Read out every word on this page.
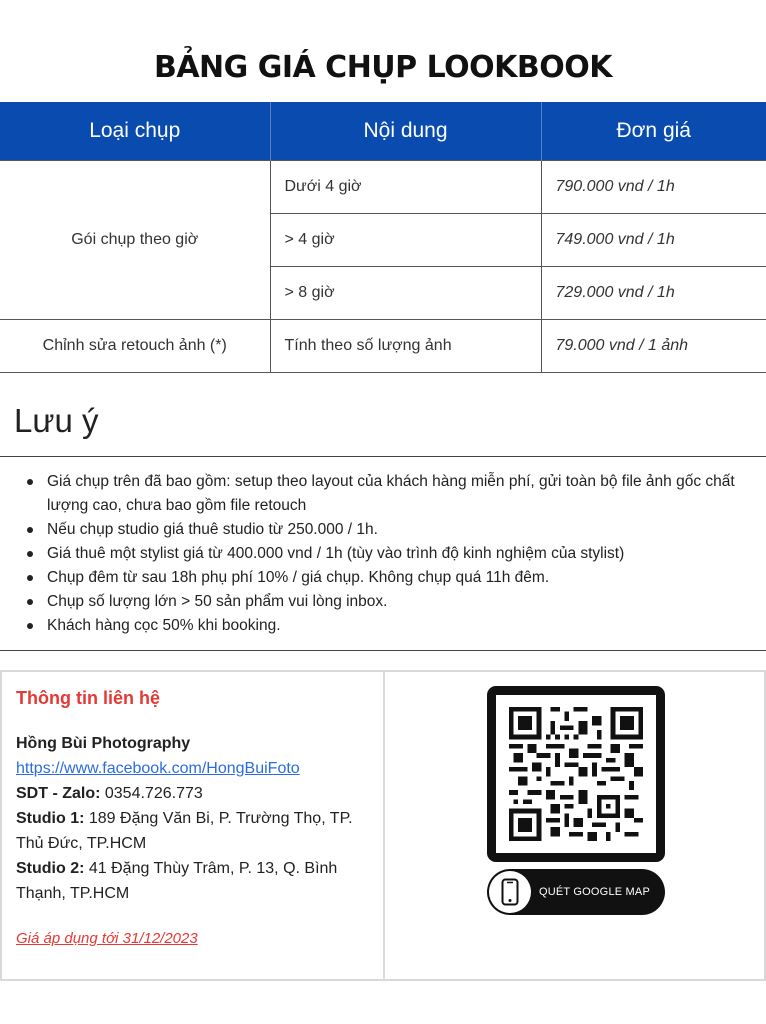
BẢNG GIÁ CHỤP LOOKBOOK
Loại chụp	Nội dung	Đơn giá
Gói chụp theo giờ	Dưới 4 giờ	790.000 vnd / 1h
	> 4 giờ	749.000 vnd / 1h
	> 8 giờ	729.000 vnd / 1h
Chỉnh sửa retouch ảnh (*)	Tính theo số lượng ảnh	79.000 vnd / 1 ảnh
Lưu ý
Giá chụp trên đã bao gồm: setup theo layout của khách hàng miễn phí, gửi toàn bộ file ảnh gốc chất lượng cao, chưa bao gồm file retouch
Nếu chụp studio giá thuê studio từ 250.000 / 1h.
Giá thuê một stylist giá từ 400.000 vnd / 1h (tùy vào trình độ kinh nghiệm của stylist)
Chụp đêm từ sau 18h phụ phí 10% / giá chụp. Không chụp quá 11h đêm.
Chụp số lượng lớn > 50 sản phẩm vui lòng inbox.
Khách hàng cọc 50% khi booking.
Thông tin liên hệ
Hồng Bùi Photography
https://www.facebook.com/HongBuiFoto
SDT - Zalo: 0354.726.773
Studio 1: 189 Đặng Văn Bi, P. Trường Thọ, TP. Thủ Đức, TP.HCM
Studio 2: 41 Đặng Thùy Trâm, P. 13, Q. Bình Thạnh, TP.HCM
Giá áp dụng tới 31/12/2023
QUÉT GOOGLE MAP
